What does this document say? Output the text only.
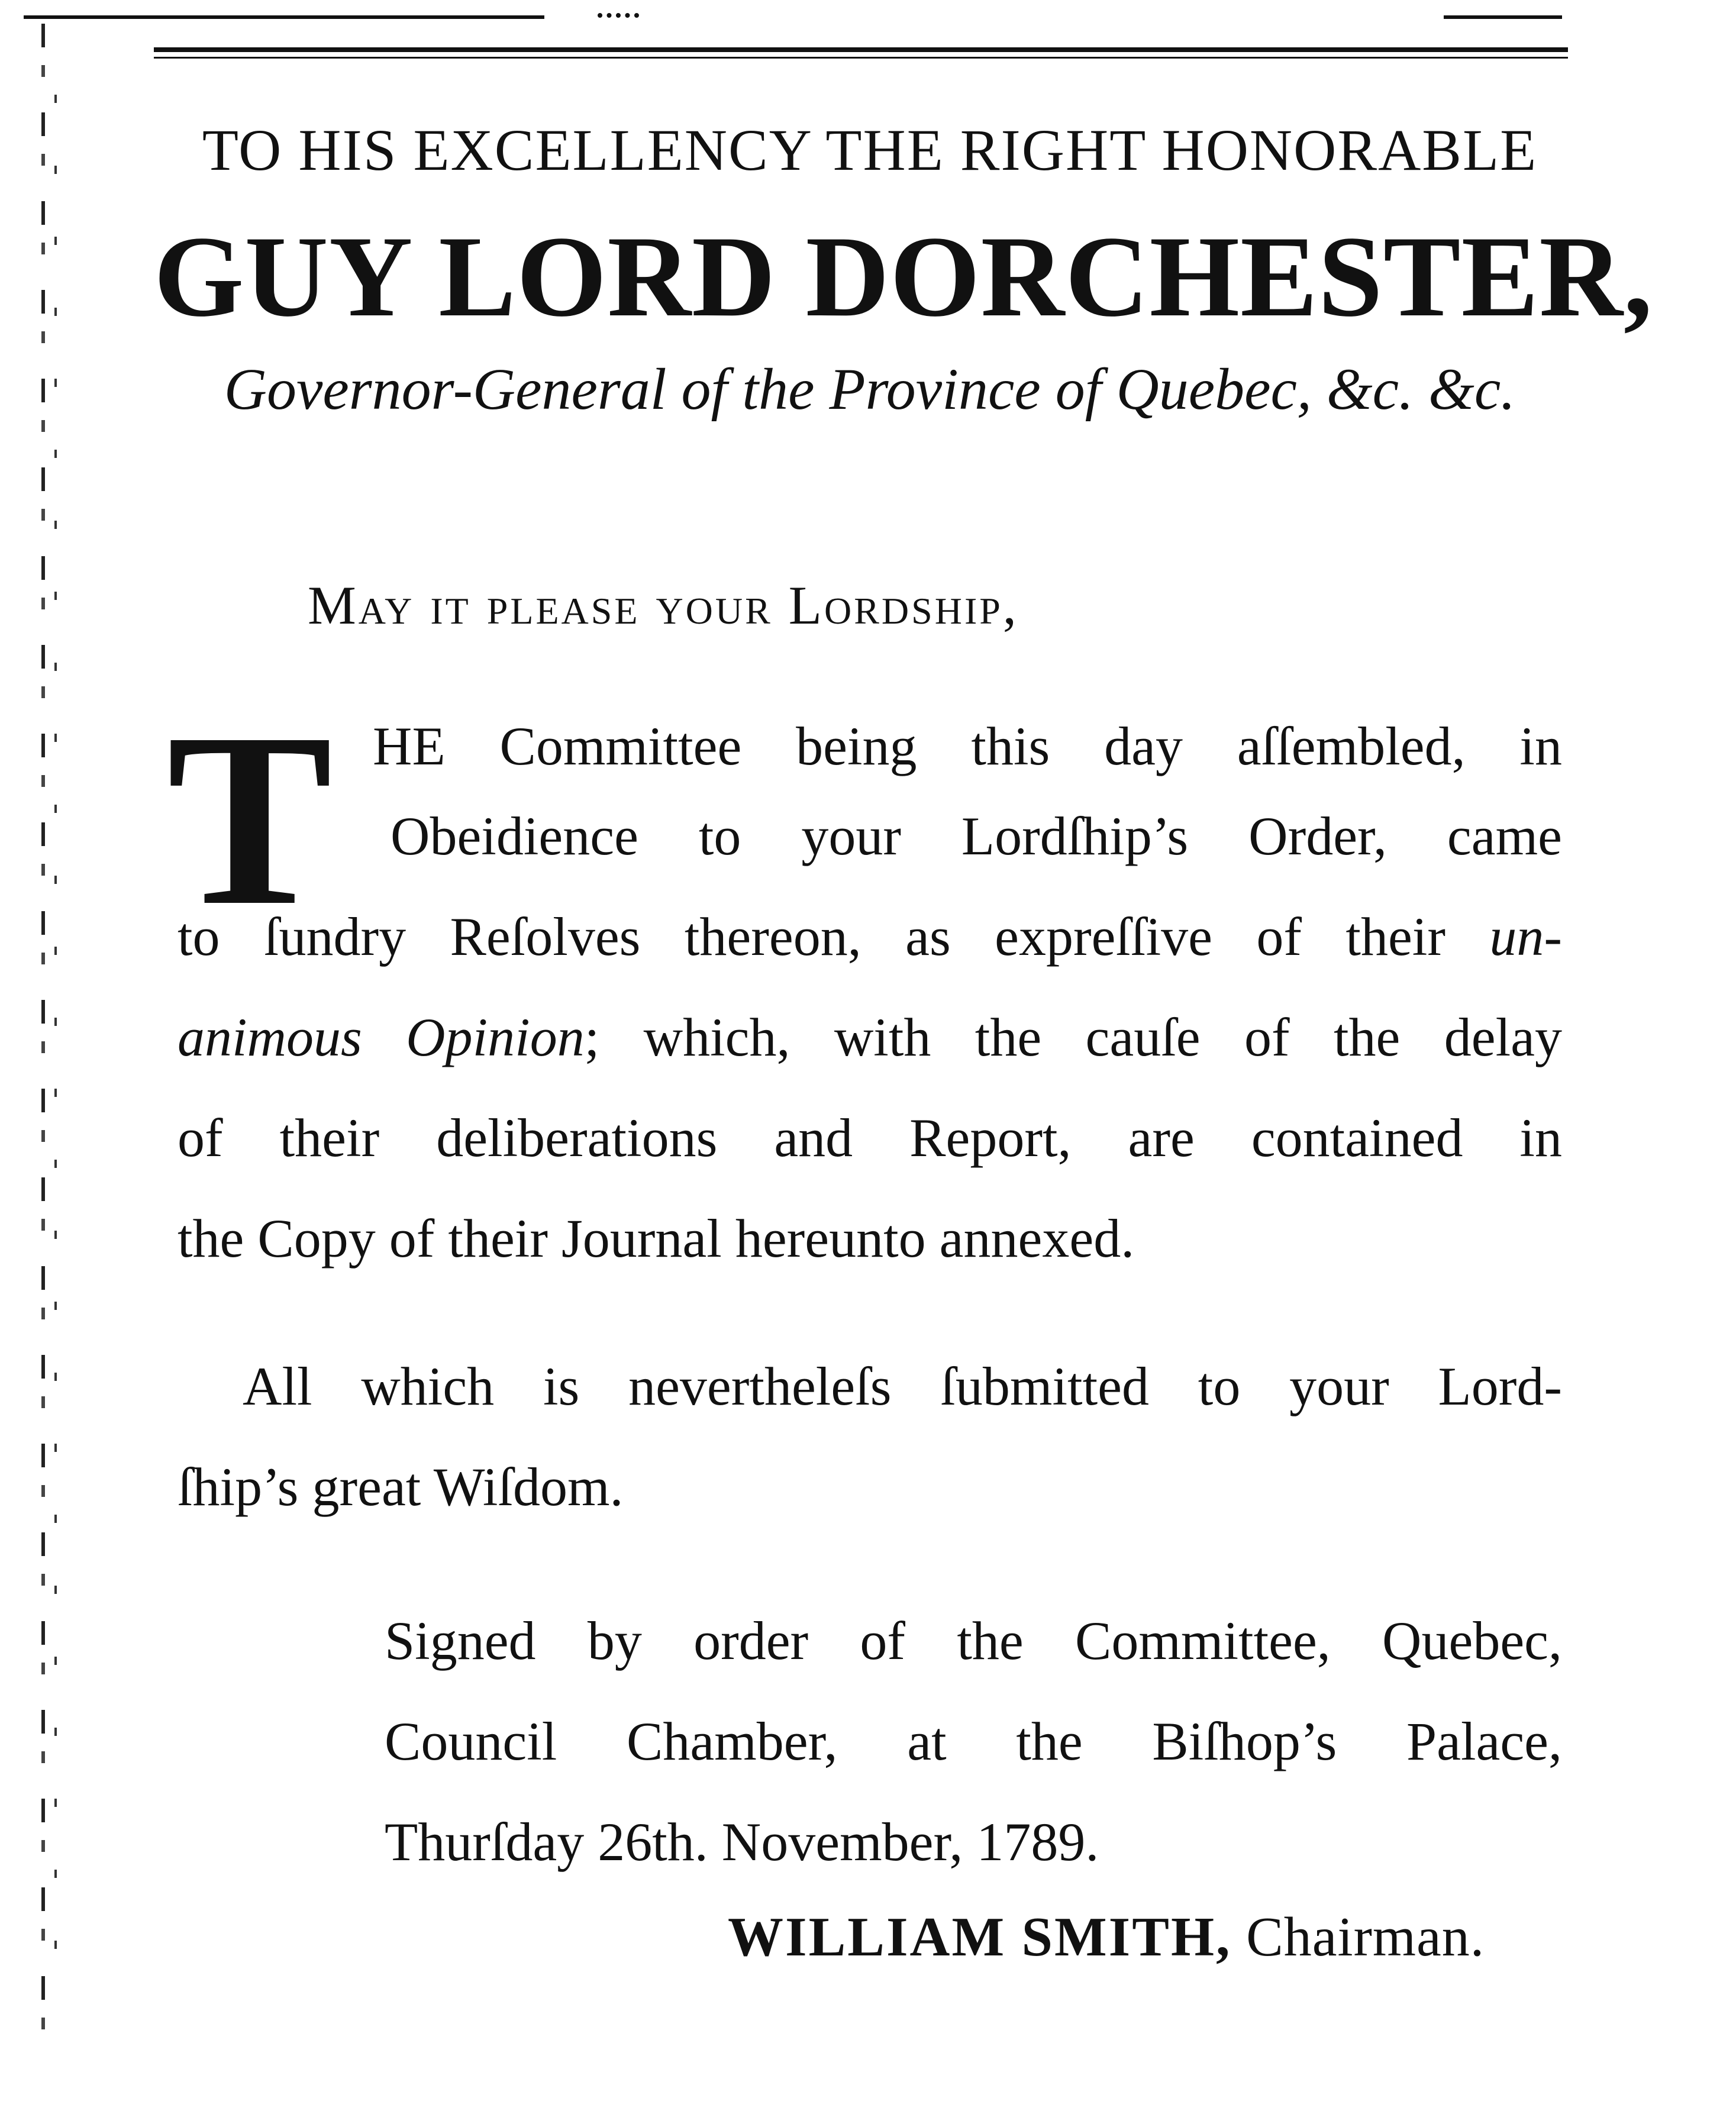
TO HIS EXCELLENCY THE RIGHT HONORABLE
GUY LORD DORCHESTER,
Governor-General of the Province of Quebec, &c. &c.
May it please your Lordship,
T HE Committee being this day aſſembled, in
Obeidience to your Lordſhip’s Order, came
to ſundry Reſolves thereon, as expreſſive of their un-
animous Opinion; which, with the cauſe of the delay
of their deliberations and Report, are contained in
the Copy of their Journal hereunto annexed.
All which is nevertheleſs ſubmitted to your Lord-
ſhip’s great Wiſdom.
Signed by order of the Committee, Quebec,
Council Chamber, at the Biſhop’s Palace,
Thurſday 26th. November, 1789.
WILLIAM SMITH, Chairman.
